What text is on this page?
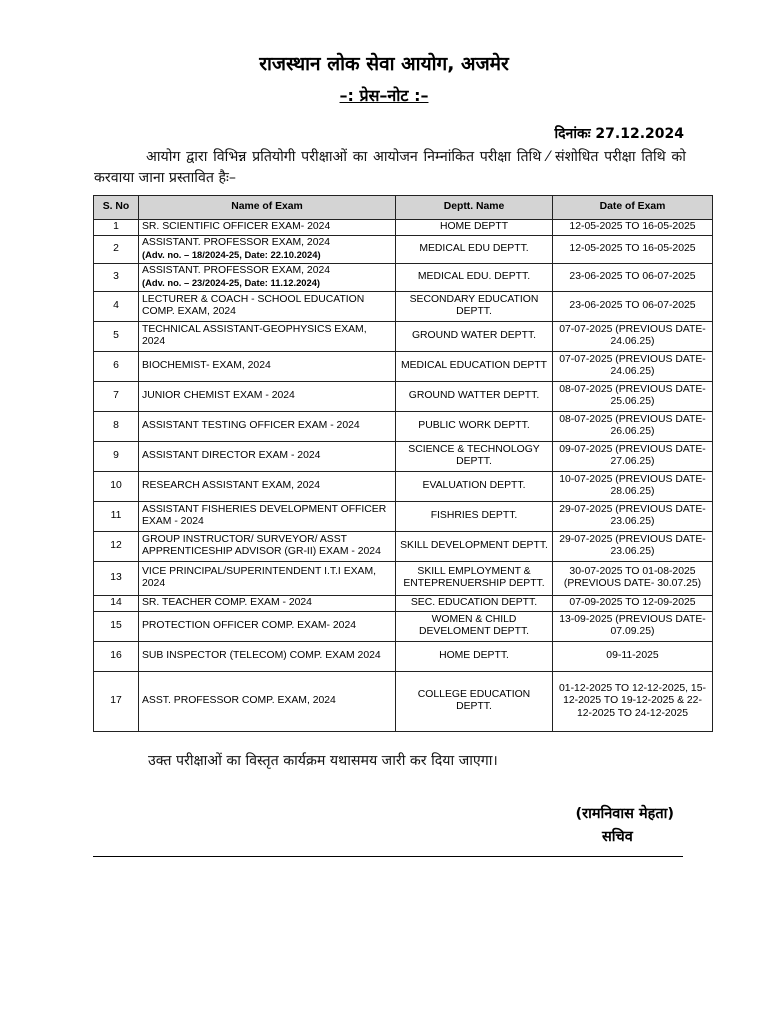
राजस्थान लोक सेवा आयोग, अजमेर
–: प्रेस–नोट :–
दिनांकः 27.12.2024
आयोग द्वारा विभिन्न प्रतियोगी परीक्षाओं का आयोजन निम्नांकित परीक्षा तिथि ⁄ संशोधित परीक्षा तिथि को करवाया जाना प्रस्तावित हैः–
S. No	Name of Exam	Deptt. Name	Date of Exam
1	SR. SCIENTIFIC OFFICER EXAM- 2024	HOME DEPTT	12-05-2025 TO 16-05-2025
2	ASSISTANT. PROFESSOR EXAM, 2024
(Adv. no. – 18/2024-25, Date: 22.10.2024)	MEDICAL EDU DEPTT.	12-05-2025 TO 16-05-2025
3	ASSISTANT. PROFESSOR EXAM, 2024
(Adv. no. – 23/2024-25, Date: 11.12.2024)	MEDICAL EDU. DEPTT.	23-06-2025 TO 06-07-2025
4	LECTURER & COACH - SCHOOL EDUCATION COMP. EXAM, 2024	SECONDARY EDUCATION DEPTT.	23-06-2025 TO 06-07-2025
5	TECHNICAL ASSISTANT-GEOPHYSICS EXAM, 2024	GROUND WATER DEPTT.	07-07-2025 (PREVIOUS DATE- 24.06.25)
6	BIOCHEMIST- EXAM, 2024	MEDICAL EDUCATION DEPTT	07-07-2025 (PREVIOUS DATE- 24.06.25)
7	JUNIOR CHEMIST EXAM - 2024	GROUND WATTER DEPTT.	08-07-2025 (PREVIOUS DATE- 25.06.25)
8	ASSISTANT TESTING OFFICER EXAM - 2024	PUBLIC WORK DEPTT.	08-07-2025 (PREVIOUS DATE- 26.06.25)
9	ASSISTANT DIRECTOR EXAM - 2024	SCIENCE & TECHNOLOGY DEPTT.	09-07-2025 (PREVIOUS DATE- 27.06.25)
10	RESEARCH ASSISTANT EXAM, 2024	EVALUATION DEPTT.	10-07-2025 (PREVIOUS DATE- 28.06.25)
11	ASSISTANT FISHERIES DEVELOPMENT OFFICER EXAM - 2024	FISHRIES DEPTT.	29-07-2025 (PREVIOUS DATE- 23.06.25)
12	GROUP INSTRUCTOR/ SURVEYOR/ ASST APPRENTICESHIP ADVISOR (GR-II) EXAM - 2024	SKILL DEVELOPMENT DEPTT.	29-07-2025 (PREVIOUS DATE- 23.06.25)
13	VICE PRINCIPAL/SUPERINTENDENT I.T.I EXAM, 2024	SKILL EMPLOYMENT & ENTEPRENUERSHIP DEPTT.	30-07-2025 TO 01-08-2025 (PREVIOUS DATE- 30.07.25)
14	SR. TEACHER COMP. EXAM - 2024	SEC. EDUCATION DEPTT.	07-09-2025 TO 12-09-2025
15	PROTECTION OFFICER COMP. EXAM- 2024	WOMEN & CHILD DEVELOMENT DEPTT.	13-09-2025 (PREVIOUS DATE- 07.09.25)
16	SUB INSPECTOR (TELECOM) COMP. EXAM 2024	HOME DEPTT.	09-11-2025
17	ASST. PROFESSOR COMP. EXAM, 2024	COLLEGE EDUCATION DEPTT.	01-12-2025 TO 12-12-2025, 15-12-2025 TO 19-12-2025 & 22-12-2025 TO 24-12-2025
उक्त परीक्षाओं का विस्तृत कार्यक्रम यथासमय जारी कर दिया जाएगा।
(रामनिवास मेहता)
सचिव
